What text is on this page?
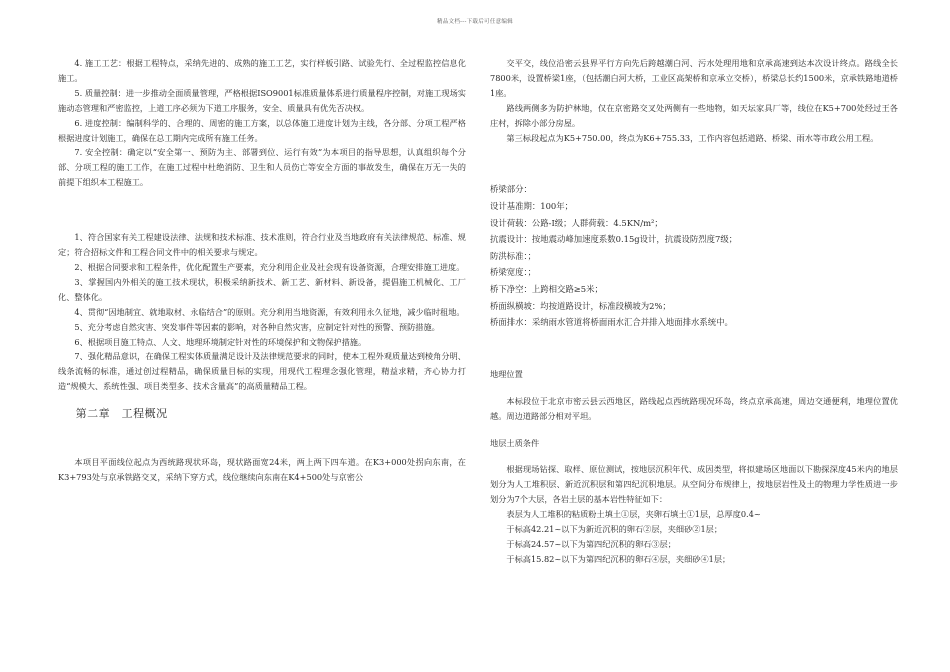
精品文档---下载后可任意编辑

4. 施工工艺：根据工程特点，采纳先进的、成熟的施工工艺，实行样板引路、试验先行、全过程监控信息化施工。

5. 质量控制：进一步推动全面质量管理，严格根据ISO9001标准质量体系进行质量程序控制，对施工现场实施动态管理和严密监控，上道工序必须为下道工序服务，安全、质量具有优先否决权。

6. 进度控制：编制科学的、合理的、周密的施工方案，以总体施工进度计划为主线，各分部、分项工程严格根据进度计划施工，确保在总工期内完成所有施工任务。

7. 安全控制：确定以“安全第一、预防为主、部署到位、运行有效”为本项目的指导思想，认真组织每个分部、分项工程的施工工作，在施工过程中杜绝消防、卫生和人员伤亡等安全方面的事故发生，确保在万无一失的前提下组织本工程施工。

1、符合国家有关工程建设法律、法规和技术标准、技术准则，符合行业及当地政府有关法律规范、标准、规定；符合招标文件和工程合同文件中的相关要求与规定。

2、根据合同要求和工程条件，优化配置生产要素，充分利用企业及社会现有设备资源，合理安排施工进度。

3、掌握国内外相关的施工技术现状，积极采纳新技术、新工艺、新材料、新设备，提倡施工机械化、工厂化、整体化。

4、贯彻“因地制宜、就地取材、永临结合”的原则。充分利用当地资源，有效利用永久征地，减少临时租地。

5、充分考虑自然灾害、突发事件等因素的影响，对各种自然灾害，应制定针对性的预警、预防措施。

6、根据项目施工特点、人文、地理环境制定针对性的环境保护和文物保护措施。

7、强化精品意识，在确保工程实体质量满足设计及法律规范要求的同时，使本工程外观质量达到棱角分明、线条流畅的标准，通过创过程精品，确保质量目标的实现，用现代工程理念强化管理，精益求精，齐心协力打造“规模大、系统性强、项目类型多、技术含量高”的高质量精品工程。

第二章　工程概况

本项目平面线位起点为西统路现状环岛，现状路面宽24米，两上两下四车道。在K3+000处拐向东南，在K3+793处与京承铁路交叉，采纳下穿方式，线位继续向东南在K4+500处与京密公

交平交，线位沿密云县界平行方向先后跨越潮白河、污水处理用地和京承高速到达本次设计终点。路线全长7800米，设置桥梁1座，（包括潮白河大桥，工业区高架桥和京承立交桥），桥梁总长约1500米，京承铁路地道桥1座。

路线两侧多为防护林地，仅在京密路交叉处两侧有一些地物，如天坛家具厂等，线位在K5+700处经过王各庄村，拆除小部分房屋。

第三标段起点为K5+750.00，终点为K6+755.33，工作内容包括道路、桥梁、雨水等市政公用工程。

桥梁部分：

设计基准期：100年；

设计荷载：公路-I级；人群荷载：4.5KN/m²；

抗震设计：按地震动峰加速度系数0.15g设计，抗震设防烈度7级；

防洪标准：；

桥梁宽度：；

桥下净空：上跨相交路≥5米；

桥面纵横坡：均按道路设计，标准段横坡为2%；

桥面排水：采纳雨水管道将桥面雨水汇合并排入地面排水系统中。

地理位置

本标段位于北京市密云县云西地区，路线起点西统路现况环岛，终点京承高速，周边交通便利，地理位置优越。周边道路部分相对平坦。

地层土质条件

根据现场钻探、取样、原位测试，按地层沉积年代、成因类型，将拟建场区地面以下勘探深度45米内的地层划分为人工堆积层、新近沉积层和第四纪沉积地层。从空间分布规律上，按地层岩性及土的物理力学性质进一步划分为7个大层，各岩土层的基本岩性特征如下：

表层为人工堆积的粘质粉土填土①层，夹卵石填土①1层，总厚度0.4~

于标高42.21~以下为新近沉积的卵石②层，夹细砂②1层；

于标高24.57~以下为第四纪沉积的卵石③层；

于标高15.82~以下为第四纪沉积的卵石④层，夹细砂④1层；
